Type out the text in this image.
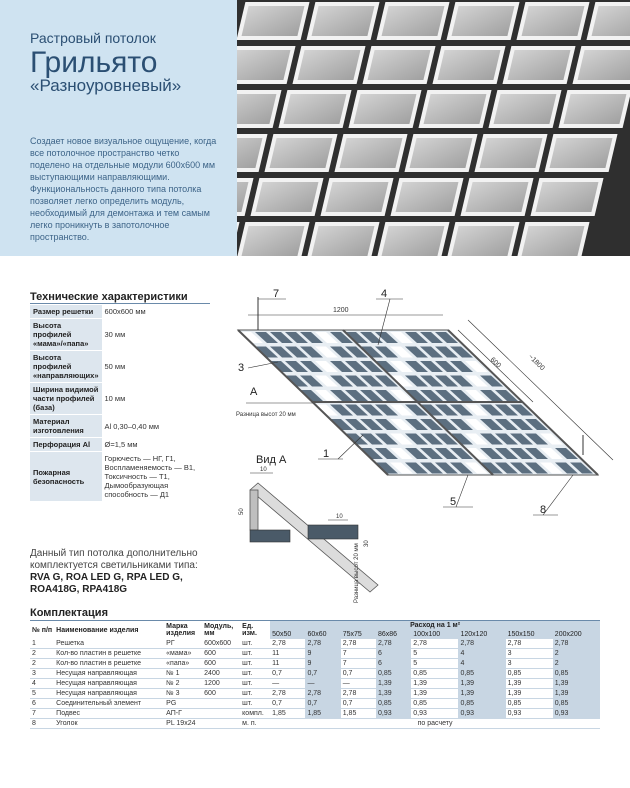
Растровый потолок
Грильято
«Разноуровневый»
Создает новое визуальное ощущение, когда все потолочное пространство четко поделено на отдельные модули 600x600 мм выступающими направляющими. Функциональность данного типа потолка позволяет легко определить модуль, необходимый для демонтажа и тем самым легко проникнуть в запотолочное пространство.
Технические характеристики
Размер решетки	600x600 мм
Высота профилей «мама»/«папа»	30 мм
Высота профилей «направляющих»	50 мм
Ширина видимой части профилей (база)	10 мм
Материал изготовления	Al 0,30–0,40 мм
Перфорация Al	Ø=1,5 мм
Пожарная безопасность	Горючесть — НГ, Г1, Воспламеняемость — В1, Токсичность — Т1, Дымообразующая способность — Д1
Данный тип потолка дополнительно комплектуется светильниками типа:
RVA G, ROA LED G, RPA LED G,
ROA418G, RPA418G
1200
600	~1800
7	4
3
A
Разница высот 20 мм
1
5
8
Вид А
10
50
10
30
Разница высот 20 мм
Комплектация
№ п/п	Наименование изделия	Марка изделия	Модуль, мм	Ед. изм.	Расход на 1 м²							
					50x50	60x60	75x75	86x86	100x100	120x120	150x150	200x200
1	Решетка	РГ	600x600	шт.	2,78	2,78	2,78	2,78	2,78	2,78	2,78	2,78
2	Кол-во пластин в решетке	«мама»	600	шт.	11	9	7	6	5	4	3	2
2	Кол-во пластин в решетке	«папа»	600	шт.	11	9	7	6	5	4	3	2
3	Несущая направляющая	№ 1	2400	шт.	0,7	0,7	0,7	0,85	0,85	0,85	0,85	0,85
4	Несущая направляющая	№ 2	1200	шт.	—	—	—	1,39	1,39	1,39	1,39	1,39
5	Несущая направляющая	№ 3	600	шт.	2,78	2,78	2,78	1,39	1,39	1,39	1,39	1,39
6	Соединительный элемент	PG		шт.	0,7	0,7	0,7	0,85	0,85	0,85	0,85	0,85
7	Подвес	АП-Г		компл.	1,85	1,85	1,85	0,93	0,93	0,93	0,93	0,93
8	Уголок	PL 19x24		м. п.	по расчету							
